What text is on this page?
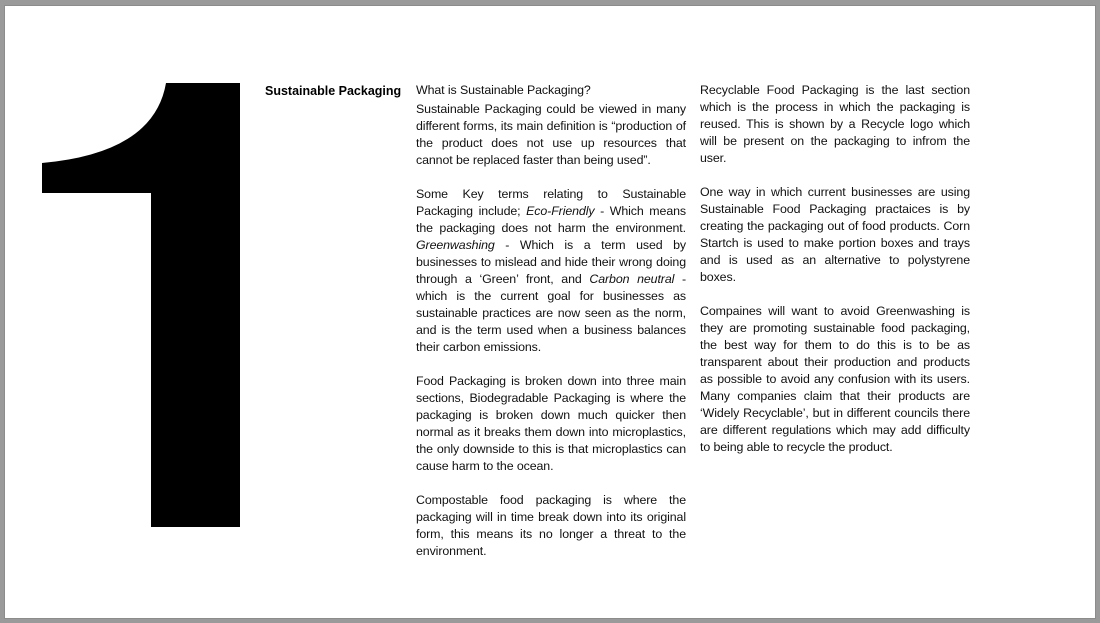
Sustainable Packaging What is Sustainable Packaging?

Sustainable Packaging could be viewed in many different forms, its main definition is “production of the product does not use up resources that cannot be replaced faster than being used”.

Some Key terms relating to Sustainable Packaging include; Eco-Friendly - Which means the packaging does not harm the environment. Greenwashing - Which is a term used by businesses to mislead and hide their wrong doing through a ‘Green’ front, and Carbon neutral - which is the current goal for businesses as sustainable practices are now seen as the norm, and is the term used when a business balances their carbon emissions.

Food Packaging is broken down into three main sections, Biodegradable Packaging is where the packaging is broken down much quicker then normal as it breaks them down into microplastics, the only downside to this is that microplastics can cause harm to the ocean.

Compostable food packaging is where the packaging will in time break down into its original form, this means its no longer a threat to the environment.

Recyclable Food Packaging is the last section which is the process in which the packaging is reused. This is shown by a Recycle logo which will be present on the packaging to infrom the user.

One way in which current businesses are using Sustainable Food Packaging practaices is by creating the packaging out of food products. Corn Startch is used to make portion boxes and trays and is used as an alternative to polystyrene boxes.

Compaines will want to avoid Greenwashing is they are promoting sustainable food packaging, the best way for them to do this is to be as transparent about their production and products as possible to avoid any confusion with its users. Many companies claim that their products are ‘Widely Recyclable’, but in different councils there are different regulations which may add difficulty to being able to recycle the product.
